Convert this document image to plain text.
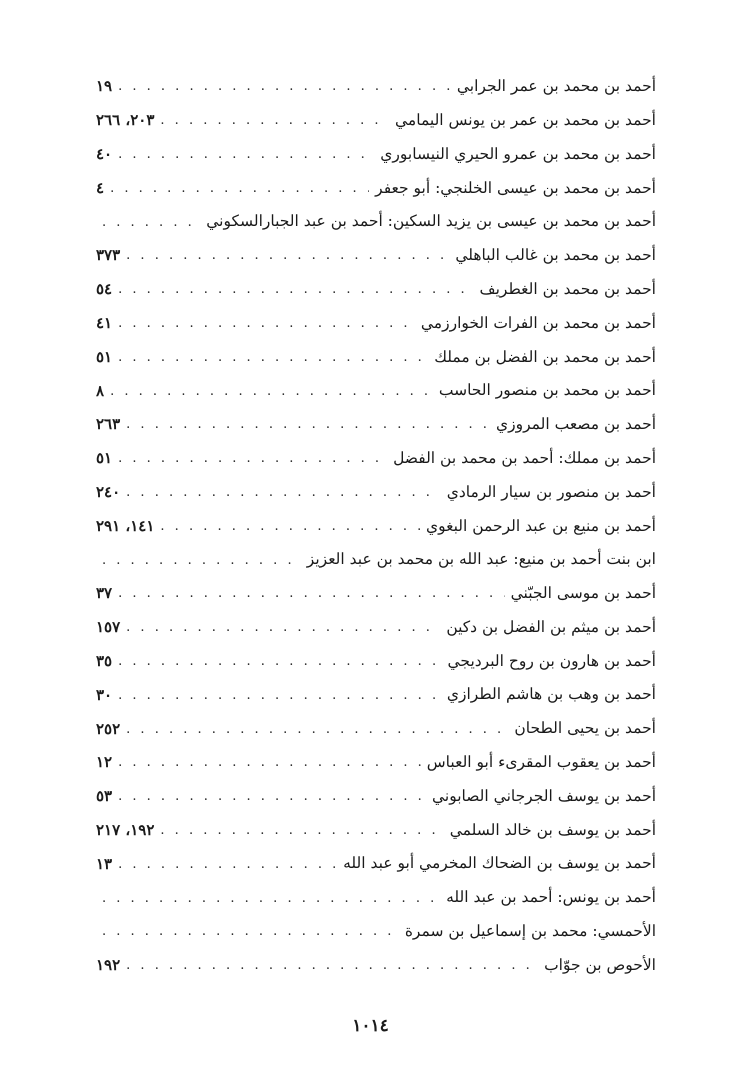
أحمد بن محمد بن عمر الجرابي
. . .
١٩
أحمد بن محمد بن عمر بن يونس اليمامي
. . .
٢٠٣، ٢٦٦
أحمد بن محمد بن عمرو الحيري النيسابوري
. . .
٤٠
أحمد بن محمد بن عيسى الخلنجي: أبو جعفر
. . .
٤
أحمد بن محمد بن عيسى بن يزيد السكين: أحمد بن عبد الجبارالسكوني
. . .
أحمد بن محمد بن غالب الباهلي
. . .
٣٧٣
أحمد بن محمد بن الغطريف
. . .
٥٤
أحمد بن محمد بن الفرات الخوارزمي
. . .
٤١
أحمد بن محمد بن الفضل بن مملك
. . .
٥١
أحمد بن محمد بن منصور الحاسب
. . .
٨
أحمد بن مصعب المروزي
. . .
٢٦٣
أحمد بن مملك: أحمد بن محمد بن الفضل
. . .
٥١
أحمد بن منصور بن سيار الرمادي
. . .
٢٤٠
أحمد بن منيع بن عبد الرحمن البغوي
. . .
١٤١، ٢٩١
ابن بنت أحمد بن منيع: عبد الله بن محمد بن عبد العزيز
. . .
أحمد بن موسى الجبّني
. . .
٣٧
أحمد بن ميثم بن الفضل بن دكين
. . .
١٥٧
أحمد بن هارون بن روح البرديجي
. . .
٣٥
أحمد بن وهب بن هاشم الطرازي
. . .
٣٠
أحمد بن يحيى الطحان
. . .
٢٥٢
أحمد بن يعقوب المقرىء أبو العباس
. . .
١٢
أحمد بن يوسف الجرجاني الصابوني
. . .
٥٣
أحمد بن يوسف بن خالد السلمي
. . .
١٩٢، ٢١٧
أحمد بن يوسف بن الضحاك المخرمي أبو عبد الله
. . .
١٣
أحمد بن يونس: أحمد بن عبد الله
. . .
الأحمسي: محمد بن إسماعيل بن سمرة
. . .
الأحوص بن جوّاب
. . .
١٩٢
١٠١٤
